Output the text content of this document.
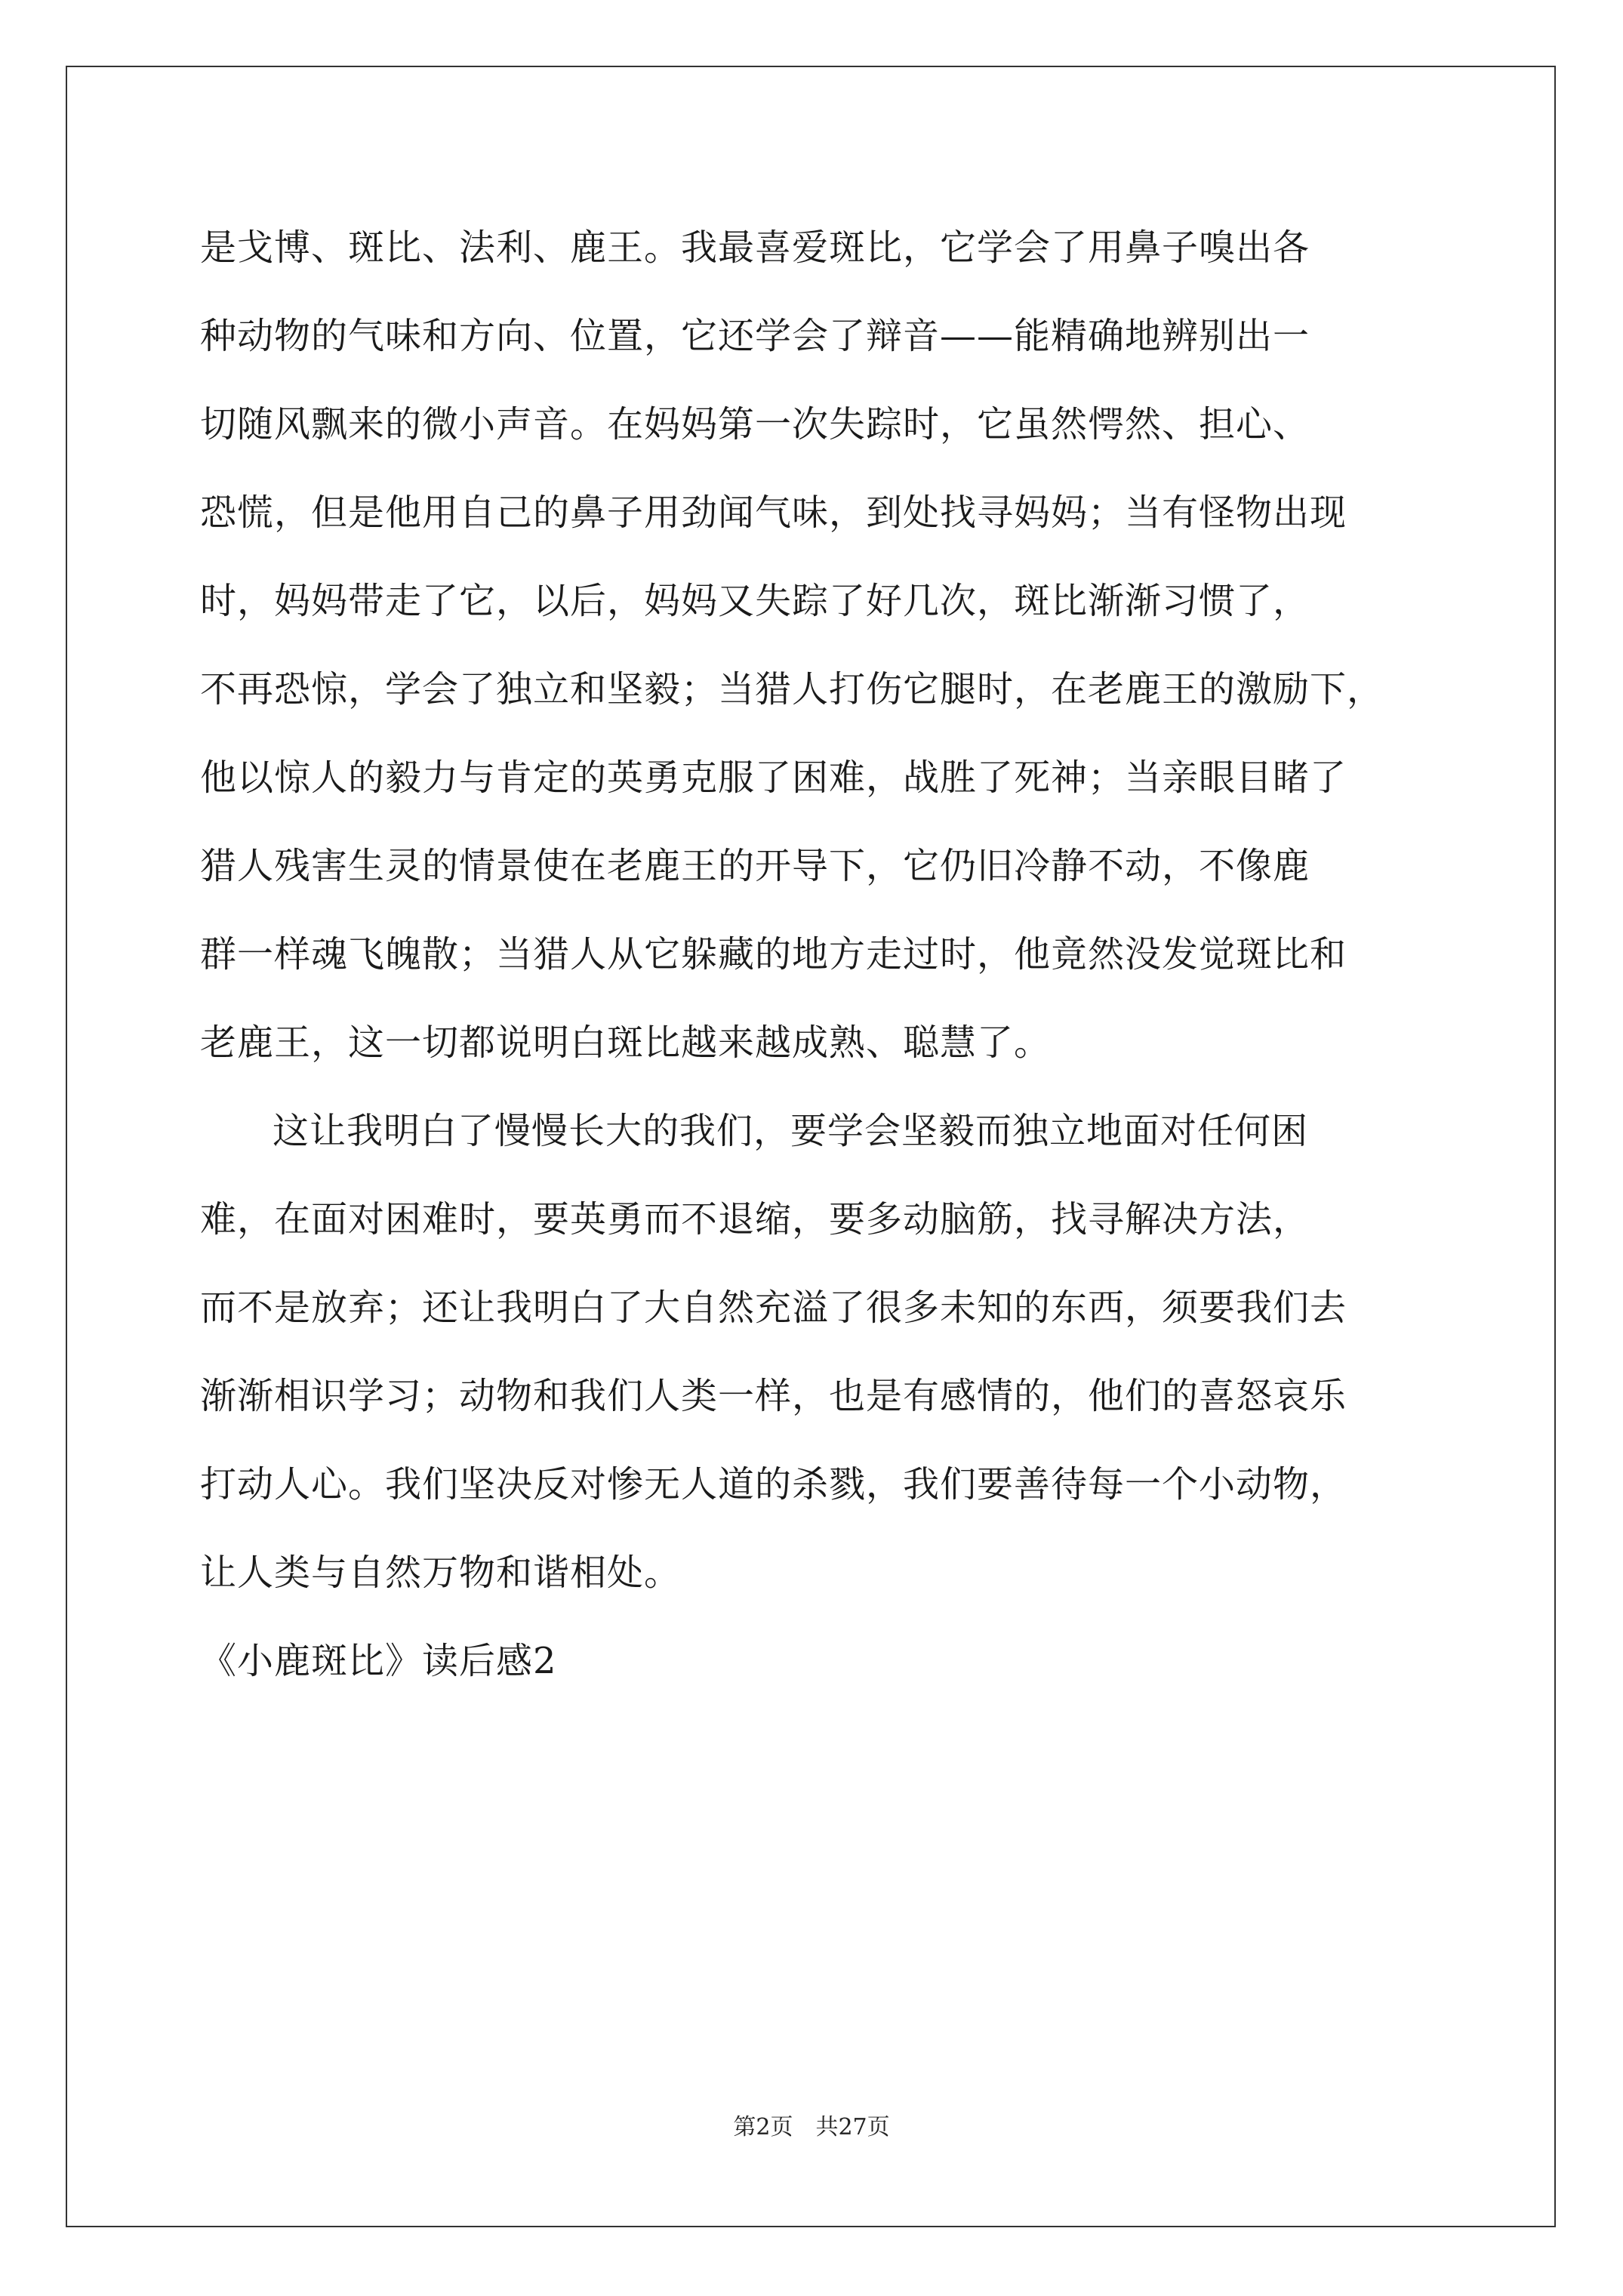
是戈博、斑比、法利、鹿王。我最喜爱斑比，它学会了用鼻子嗅出各
种动物的气味和方向、位置，它还学会了辩音——能精确地辨别出一
切随风飘来的微小声音。在妈妈第一次失踪时，它虽然愕然、担心、
恐慌，但是他用自己的鼻子用劲闻气味，到处找寻妈妈；当有怪物出现
时，妈妈带走了它，以后，妈妈又失踪了好几次，斑比渐渐习惯了，
不再恐惊，学会了独立和坚毅；当猎人打伤它腿时，在老鹿王的激励下，
他以惊人的毅力与肯定的英勇克服了困难，战胜了死神；当亲眼目睹了
猎人残害生灵的情景使在老鹿王的开导下，它仍旧冷静不动，不像鹿
群一样魂飞魄散；当猎人从它躲藏的地方走过时，他竟然没发觉斑比和
老鹿王，这一切都说明白斑比越来越成熟、聪慧了。
这让我明白了慢慢长大的我们，要学会坚毅而独立地面对任何困
难，在面对困难时，要英勇而不退缩，要多动脑筋，找寻解决方法，
而不是放弃；还让我明白了大自然充溢了很多未知的东西，须要我们去
渐渐相识学习；动物和我们人类一样，也是有感情的，他们的喜怒哀乐
打动人心。我们坚决反对惨无人道的杀戮，我们要善待每一个小动物，
让人类与自然万物和谐相处。
《小鹿斑比》读后感2
第2页 共27页
